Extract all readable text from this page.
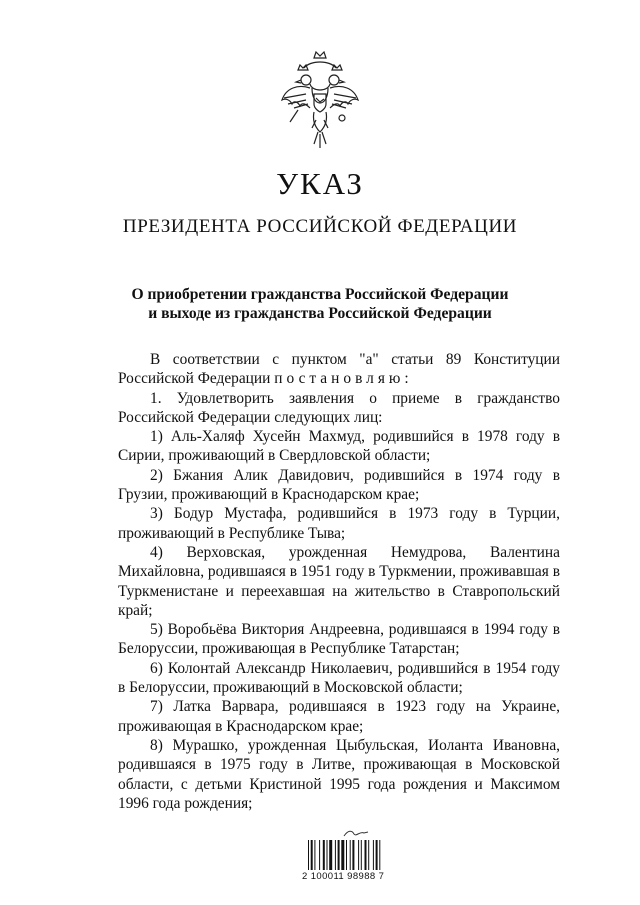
УКАЗ
ПРЕЗИДЕНТА РОССИЙСКОЙ ФЕДЕРАЦИИ
О приобретении гражданства Российской Федерации
и выходе из гражданства Российской Федерации

В соответствии с пунктом "а" статьи 89 Конституции Российской Федерации постановляю:

1. Удовлетворить заявления о приеме в гражданство Российской Федерации следующих лиц:

1) Аль-Халяф Хусейн Махмуд, родившийся в 1978 году в Сирии, проживающий в Свердловской области;

2) Бжания Алик Давидович, родившийся в 1974 году в Грузии, проживающий в Краснодарском крае;

3) Бодур Мустафа, родившийся в 1973 году в Турции, проживающий в Республике Тыва;

4) Верховская, урожденная Немудрова, Валентина Михайловна, родившаяся в 1951 году в Туркмении, проживавшая в Туркменистане и переехавшая на жительство в Ставропольский край;

5) Воробьёва Виктория Андреевна, родившаяся в 1994 году в Белоруссии, проживающая в Республике Татарстан;

6) Колонтай Александр Николаевич, родившийся в 1954 году в Белоруссии, проживающий в Московской области;

7) Латка Варвара, родившаяся в 1923 году на Украине, проживающая в Краснодарском крае;

8) Мурашко, урожденная Цыбульская, Иоланта Ивановна, родившаяся в 1975 году в Литве, проживающая в Московской области, с детьми Кристиной 1995 года рождения и Максимом 1996 года рождения;

2 100011 98988 7
